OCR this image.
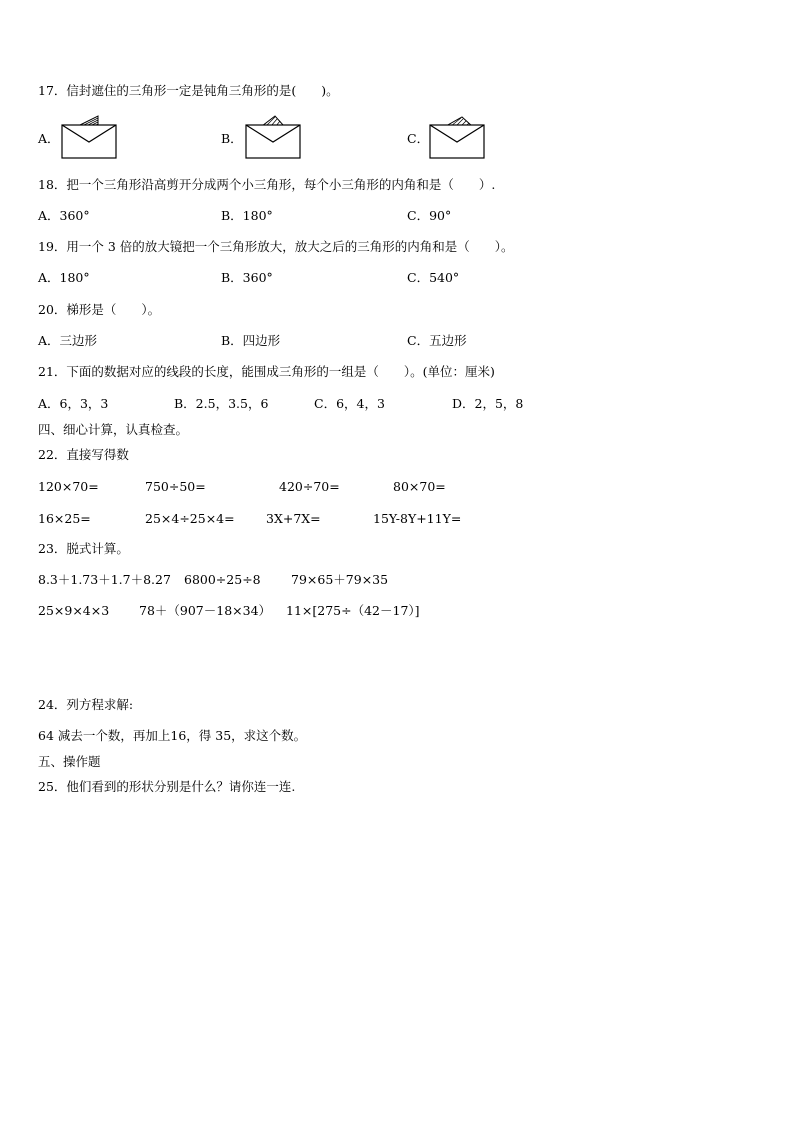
17．信封遮住的三角形一定是钝角三角形的是(　　)。
A．	B．	C．
18．把一个三角形沿高剪开分成两个小三角形，每个小三角形的内角和是（　　）.
A．360°	B．180°	C．90°
19．用一个 3 倍的放大镜把一个三角形放大，放大之后的三角形的内角和是（　　）。
A．180°	B．360°	C．540°
20．梯形是（　　）。
A．三边形	B．四边形	C．五边形
21．下面的数据对应的线段的长度，能围成三角形的一组是（　　）。(单位：厘米)
A．6，3，3	B．2.5，3.5，6	C．6，4，3	D．2，5，8
四、细心计算，认真检查。
22．直接写得数
120×70=	750÷50=	420÷70=	80×70=
16×25=	25×4÷25×4=	3X+7X=	15Y-8Y+11Y=
23．脱式计算。
8.3＋1.73＋1.7＋8.27 6800÷25÷8 79×65＋79×35
25×9×4×3 78＋（907－18×34） 11×[275÷（42－17）]
24．列方程求解:
64 减去一个数，再加上16，得 35，求这个数。
五、操作题
25．他们看到的形状分别是什么？请你连一连.
